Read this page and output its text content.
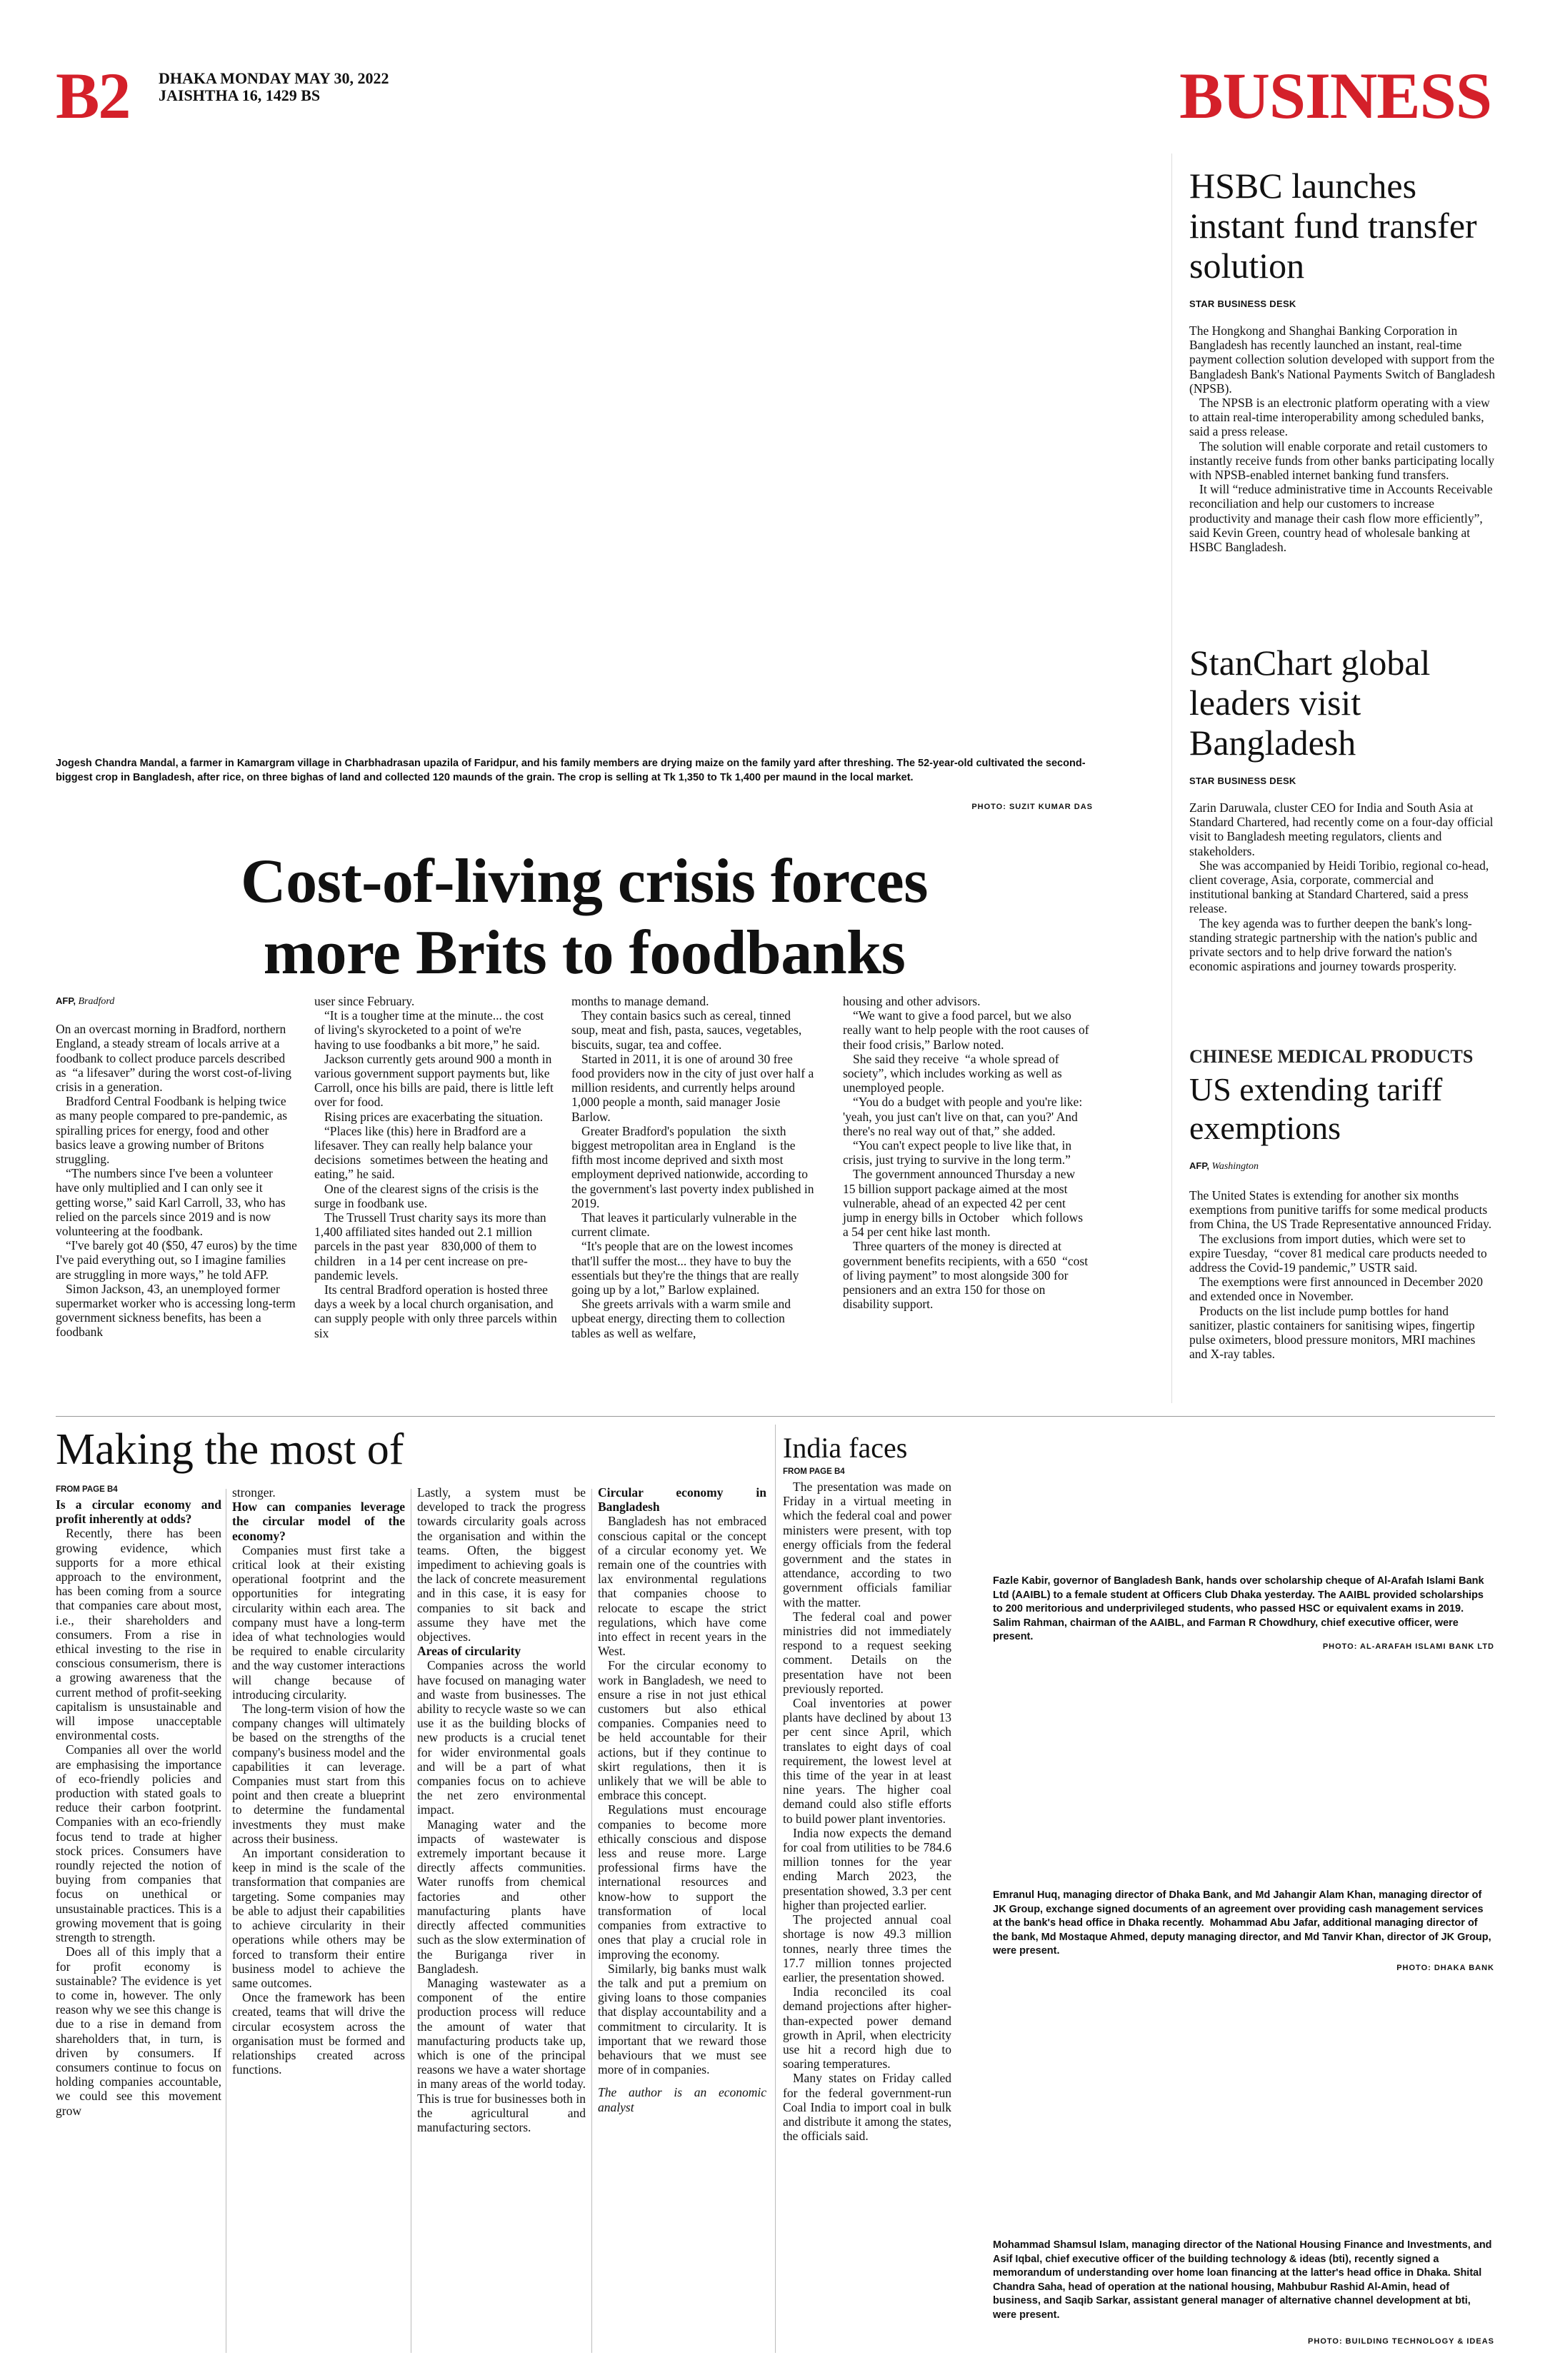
B2 DHAKA MONDAY MAY 30, 2022
JAISHTHA 16, 1429 BS	BUSINESS
Jogesh Chandra Mandal, a farmer in Kamargram village in Charbhadrasan upazila of Faridpur, and his family members are drying maize on the family yard after threshing. The 52-year-old cultivated the second-biggest crop in Bangladesh, after rice, on three bighas of land and collected 120 maunds of the grain. The crop is selling at Tk 1,350 to Tk 1,400 per maund in the local market.
PHOTO: SUZIT KUMAR DAS
HSBC launches instant fund transfer solution
STAR BUSINESS DESK

The Hongkong and Shanghai Banking Corporation in Bangladesh has recently launched an instant, real-time payment collection solution developed with support from the Bangladesh Bank's National Payments Switch of Bangladesh (NPSB).

The NPSB is an electronic platform operating with a view to attain real-time interoperability among scheduled banks, said a press release.

The solution will enable corporate and retail customers to instantly receive funds from other banks participating locally with NPSB-enabled internet banking fund transfers.

It will “reduce administrative time in Accounts Receivable reconciliation and help our customers to increase productivity and manage their cash flow more efficiently”, said Kevin Green, country head of wholesale banking at HSBC Bangladesh.

StanChart global leaders visit Bangladesh
STAR BUSINESS DESK

Zarin Daruwala, cluster CEO for India and South Asia at Standard Chartered, had recently come on a four-day official visit to Bangladesh meeting regulators, clients and stakeholders.

She was accompanied by Heidi Toribio, regional co-head, client coverage, Asia, corporate, commercial and institutional banking at Standard Chartered, said a press release.

The key agenda was to further deepen the bank's long-standing strategic partnership with the nation's public and private sectors and to help drive forward the nation's economic aspirations and journey towards prosperity.

CHINESE MEDICAL PRODUCTS
US extending tariff exemptions
AFP, Washington

The United States is extending for another six months exemptions from punitive tariffs for some medical products from China, the US Trade Representative announced Friday.

The exclusions from import duties, which were set to expire Tuesday,  “cover 81 medical care products needed to address the Covid-19 pandemic,” USTR said.

The exemptions were first announced in December 2020 and extended once in November.

Products on the list include pump bottles for hand sanitizer, plastic containers for sanitising wipes, fingertip pulse oximeters, blood pressure monitors, MRI machines and X-ray tables.

Cost-of-living crisis forces
more Brits to foodbanks
AFP, Bradford

On an overcast morning in Bradford, northern England, a steady stream of locals arrive at a foodbank to collect produce parcels described as  “a lifesaver” during the worst cost-of-living crisis in a generation.

Bradford Central Foodbank is helping twice as many people compared to pre-pandemic, as spiralling prices for energy, food and other basics leave a growing number of Britons struggling.

“The numbers since I've been a volunteer have only multiplied and I can only see it getting worse,” said Karl Carroll, 33, who has relied on the parcels since 2019 and is now volunteering at the foodbank.

“I've barely got 40 ($50, 47 euros) by the time I've paid everything out, so I imagine families are struggling in more ways,” he told AFP.

Simon Jackson, 43, an unemployed former supermarket worker who is accessing long-term government sickness benefits, has been a foodbank

user since February.

“It is a tougher time at the minute... the cost of living's skyrocketed to a point of we're having to use foodbanks a bit more,” he said.

Jackson currently gets around 900 a month in various government support payments but, like Carroll, once his bills are paid, there is little left over for food.

Rising prices are exacerbating the situation.

“Places like (this) here in Bradford are a lifesaver. They can really help balance your decisions   sometimes between the heating and eating,” he said.

One of the clearest signs of the crisis is the surge in foodbank use.

The Trussell Trust charity says its more than 1,400 affiliated sites handed out 2.1 million parcels in the past year    830,000 of them to children    in a 14 per cent increase on pre-pandemic levels.

Its central Bradford operation is hosted three days a week by a local church organisation, and can supply people with only three parcels within six

months to manage demand.

They contain basics such as cereal, tinned soup, meat and fish, pasta, sauces, vegetables, biscuits, sugar, tea and coffee.

Started in 2011, it is one of around 30 free food providers now in the city of just over half a million residents, and currently helps around 1,000 people a month, said manager Josie Barlow.

Greater Bradford's population    the sixth biggest metropolitan area in England    is the fifth most income deprived and sixth most employment deprived nationwide, according to the government's last poverty index published in 2019.

That leaves it particularly vulnerable in the current climate.

“It's people that are on the lowest incomes that'll suffer the most... they have to buy the essentials but they're the things that are really going up by a lot,” Barlow explained.

She greets arrivals with a warm smile and upbeat energy, directing them to collection tables as well as welfare,

housing and other advisors.

“We want to give a food parcel, but we also really want to help people with the root causes of their food crisis,” Barlow noted.

She said they receive  “a whole spread of society”, which includes working as well as unemployed people.

“You do a budget with people and you're like: 'yeah, you just can't live on that, can you?' And there's no real way out of that,” she added.

“You can't expect people to live like that, in crisis, just trying to survive in the long term.”

The government announced Thursday a new 15 billion support package aimed at the most vulnerable, ahead of an expected 42 per cent jump in energy bills in October    which follows a 54 per cent hike last month.

Three quarters of the money is directed at government benefits recipients, with a 650  “cost of living payment” to most alongside 300 for pensioners and an extra 150 for those on disability support.

Making the most of
FROM PAGE B4

Is a circular economy and profit inherently at odds?

Recently, there has been growing evidence, which supports for a more ethical approach to the environment, has been coming from a source that companies care about most, i.e., their shareholders and consumers. From a rise in ethical investing to the rise in conscious consumerism, there is a growing awareness that the current method of profit-seeking capitalism is unsustainable and will impose unacceptable environmental costs.

Companies all over the world are emphasising the importance of eco-friendly policies and production with stated goals to reduce their carbon footprint. Companies with an eco-friendly focus tend to trade at higher stock prices. Consumers have roundly rejected the notion of buying from companies that focus on unethical or unsustainable practices. This is a growing movement that is going strength to strength.

Does all of this imply that a for profit economy is sustainable? The evidence is yet to come in, however. The only reason why we see this change is due to a rise in demand from shareholders that, in turn, is driven by consumers. If consumers continue to focus on holding companies accountable, we could see this movement grow

stronger.

How can companies leverage the circular model of the economy?

Companies must first take a critical look at their existing operational footprint and the opportunities for integrating circularity within each area. The company must have a long-term idea of what technologies would be required to enable circularity and the way customer interactions will change because of introducing circularity.

The long-term vision of how the company changes will ultimately be based on the strengths of the company's business model and the capabilities it can leverage. Companies must start from this point and then create a blueprint to determine the fundamental investments they must make across their business.

An important consideration to keep in mind is the scale of the transformation that companies are targeting. Some companies may be able to adjust their capabilities to achieve circularity in their operations while others may be forced to transform their entire business model to achieve the same outcomes.

Once the framework has been created, teams that will drive the circular ecosystem across the organisation must be formed and relationships created across functions.

Lastly, a system must be developed to track the progress towards circularity goals across the organisation and within the teams. Often, the biggest impediment to achieving goals is the lack of concrete measurement and in this case, it is easy for companies to sit back and assume they have met the objectives.

Areas of circularity

Companies across the world have focused on managing water and waste from businesses. The ability to recycle waste so we can use it as the building blocks of new products is a crucial tenet for wider environmental goals and will be a part of what companies focus on to achieve the net zero environmental impact.

Managing water and the impacts of wastewater is extremely important because it directly affects communities. Water runoffs from chemical factories and other manufacturing plants have directly affected communities such as the slow extermination of the Buriganga river in Bangladesh.

Managing wastewater as a component of the entire production process will reduce the amount of water that manufacturing products take up, which is one of the principal reasons we have a water shortage in many areas of the world today. This is true for businesses both in the agricultural and manufacturing sectors.

Circular economy in Bangladesh

Bangladesh has not embraced conscious capital or the concept of a circular economy yet. We remain one of the countries with lax environmental regulations that companies choose to relocate to escape the strict regulations, which have come into effect in recent years in the West.

For the circular economy to work in Bangladesh, we need to ensure a rise in not just ethical customers but also ethical companies. Companies need to be held accountable for their actions, but if they continue to skirt regulations, then it is unlikely that we will be able to embrace this concept.

Regulations must encourage companies to become more ethically conscious and dispose less and reuse more. Large professional firms have the international resources and know-how to support the transformation of local companies from extractive to ones that play a crucial role in improving the economy.

Similarly, big banks must walk the talk and put a premium on giving loans to those companies that display accountability and a commitment to circularity. It is important that we reward those behaviours that we must see more of in companies.

The author is an economic analyst

India faces
FROM PAGE B4

The presentation was made on Friday in a virtual meeting in which the federal coal and power ministers were present, with top energy officials from the federal government and the states in attendance, according to two government officials familiar with the matter.

The federal coal and power ministries did not immediately respond to a request seeking comment. Details on the presentation have not been previously reported.

Coal inventories at power plants have declined by about 13 per cent since April, which translates to eight days of coal requirement, the lowest level at this time of the year in at least nine years. The higher coal demand could also stifle efforts to build power plant inventories.

India now expects the demand for coal from utilities to be 784.6 million tonnes for the year ending March 2023, the presentation showed, 3.3 per cent higher than projected earlier.

The projected annual coal shortage is now 49.3 million tonnes, nearly three times the 17.7 million tonnes projected earlier, the presentation showed.

India reconciled its coal demand projections after higher-than-expected power demand growth in April, when electricity use hit a record high due to soaring temperatures.

Many states on Friday called for the federal government-run Coal India to import coal in bulk and distribute it among the states, the officials said.

Fazle Kabir, governor of Bangladesh Bank, hands over scholarship cheque of Al-Arafah Islami Bank Ltd (AAIBL) to a female student at Officers Club Dhaka yesterday. The AAIBL provided scholarships to 200 meritorious and underprivileged students, who passed HSC or equivalent exams in 2019. Salim Rahman, chairman of the AAIBL, and Farman R Chowdhury, chief executive officer, were present.
PHOTO: AL-ARAFAH ISLAMI BANK LTD
Emranul Huq, managing director of Dhaka Bank, and Md Jahangir Alam Khan, managing director of JK Group, exchange signed documents of an agreement over providing cash management services at the bank's head office in Dhaka recently.  Mohammad Abu Jafar, additional managing director of the bank, Md Mostaque Ahmed, deputy managing director, and Md Tanvir Khan, director of JK Group, were present.
PHOTO: DHAKA BANK
Mohammad Shamsul Islam, managing director of the National Housing Finance and Investments, and Asif Iqbal, chief executive officer of the building technology & ideas (bti), recently signed a memorandum of understanding over home loan financing at the latter's head office in Dhaka. Shital Chandra Saha, head of operation at the national housing, Mahbubur Rashid Al-Amin, head of business, and Saqib Sarkar, assistant general manager of alternative channel development at bti, were present.
PHOTO: BUILDING TECHNOLOGY & IDEAS
